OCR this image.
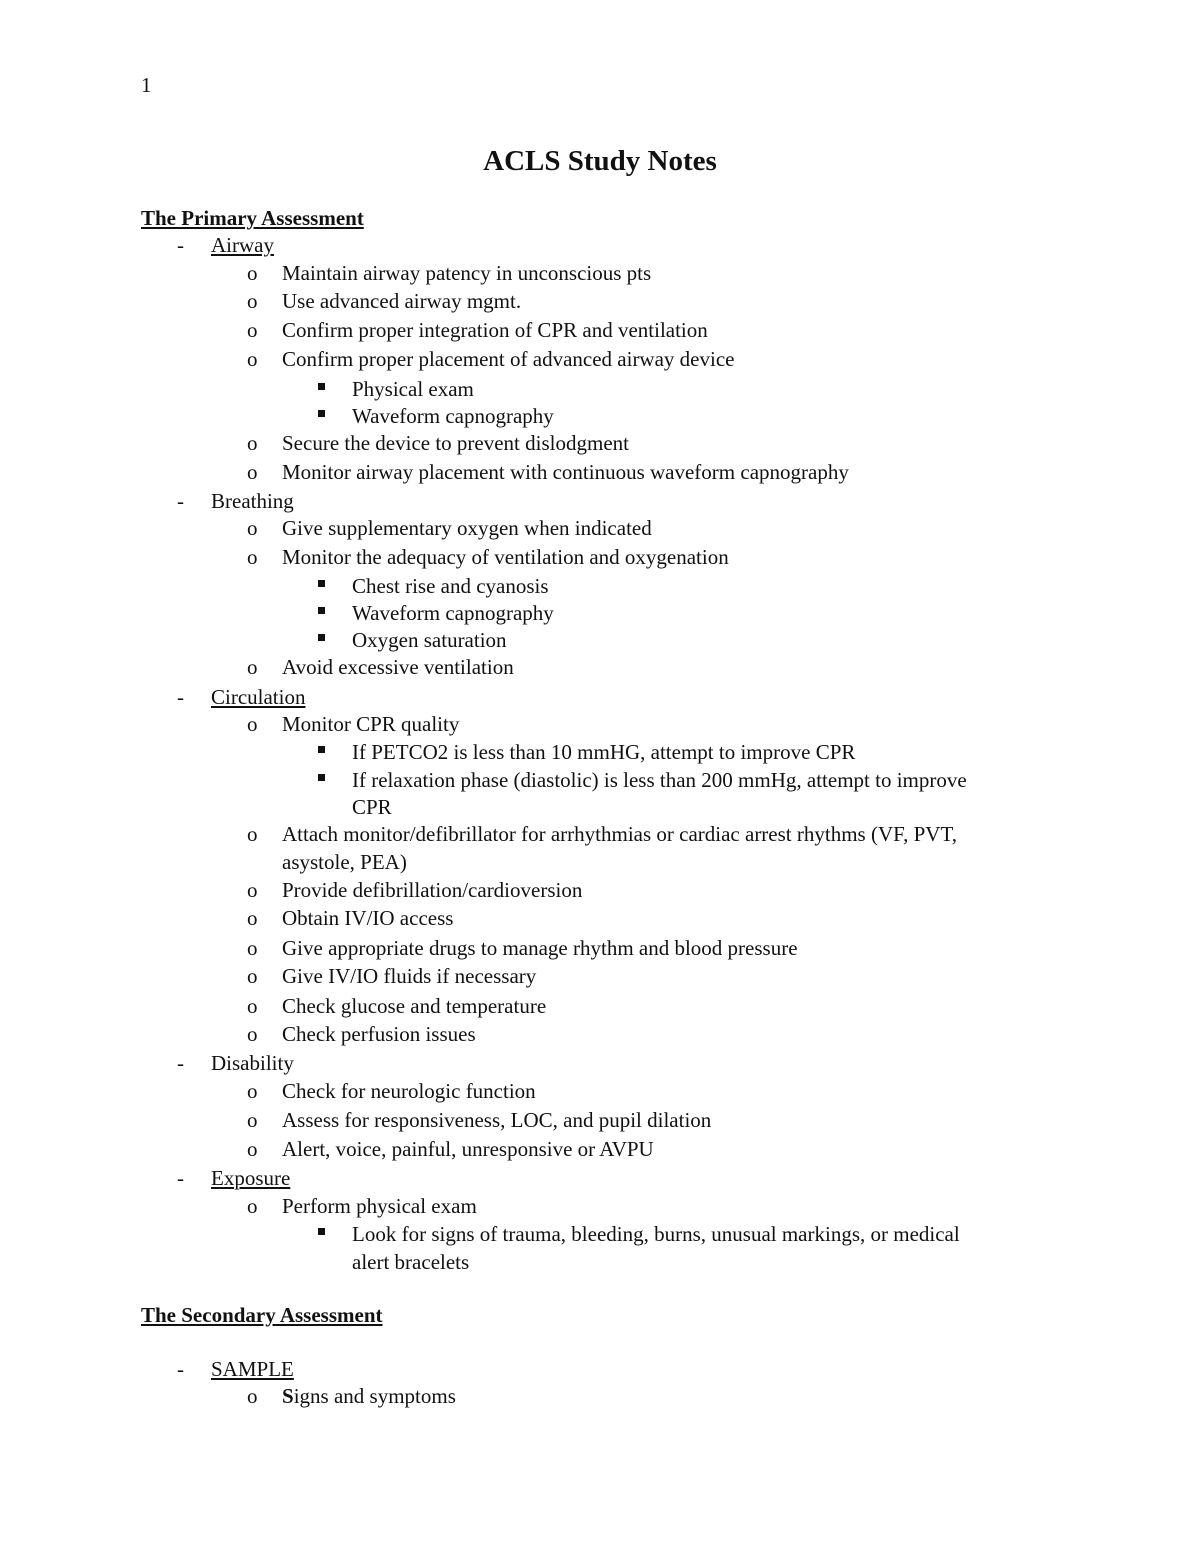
1
ACLS Study Notes
The Primary Assessment
- Airway
o Maintain airway patency in unconscious pts
o Use advanced airway mgmt.
o Confirm proper integration of CPR and ventilation
o Confirm proper placement of advanced airway device
Physical exam
Waveform capnography
o Secure the device to prevent dislodgment
o Monitor airway placement with continuous waveform capnography
- Breathing
o Give supplementary oxygen when indicated
o Monitor the adequacy of ventilation and oxygenation
Chest rise and cyanosis
Waveform capnography
Oxygen saturation
o Avoid excessive ventilation
- Circulation
o Monitor CPR quality
If PETCO2 is less than 10 mmHG, attempt to improve CPR
If relaxation phase (diastolic) is less than 200 mmHg, attempt to improve
CPR
o Attach monitor/defibrillator for arrhythmias or cardiac arrest rhythms (VF, PVT,
asystole, PEA)
o Provide defibrillation/cardioversion
o Obtain IV/IO access
o Give appropriate drugs to manage rhythm and blood pressure
o Give IV/IO fluids if necessary
o Check glucose and temperature
o Check perfusion issues
- Disability
o Check for neurologic function
o Assess for responsiveness, LOC, and pupil dilation
o Alert, voice, painful, unresponsive or AVPU
- Exposure
o Perform physical exam
Look for signs of trauma, bleeding, burns, unusual markings, or medical
alert bracelets
The Secondary Assessment
- SAMPLE
o Signs and symptoms
